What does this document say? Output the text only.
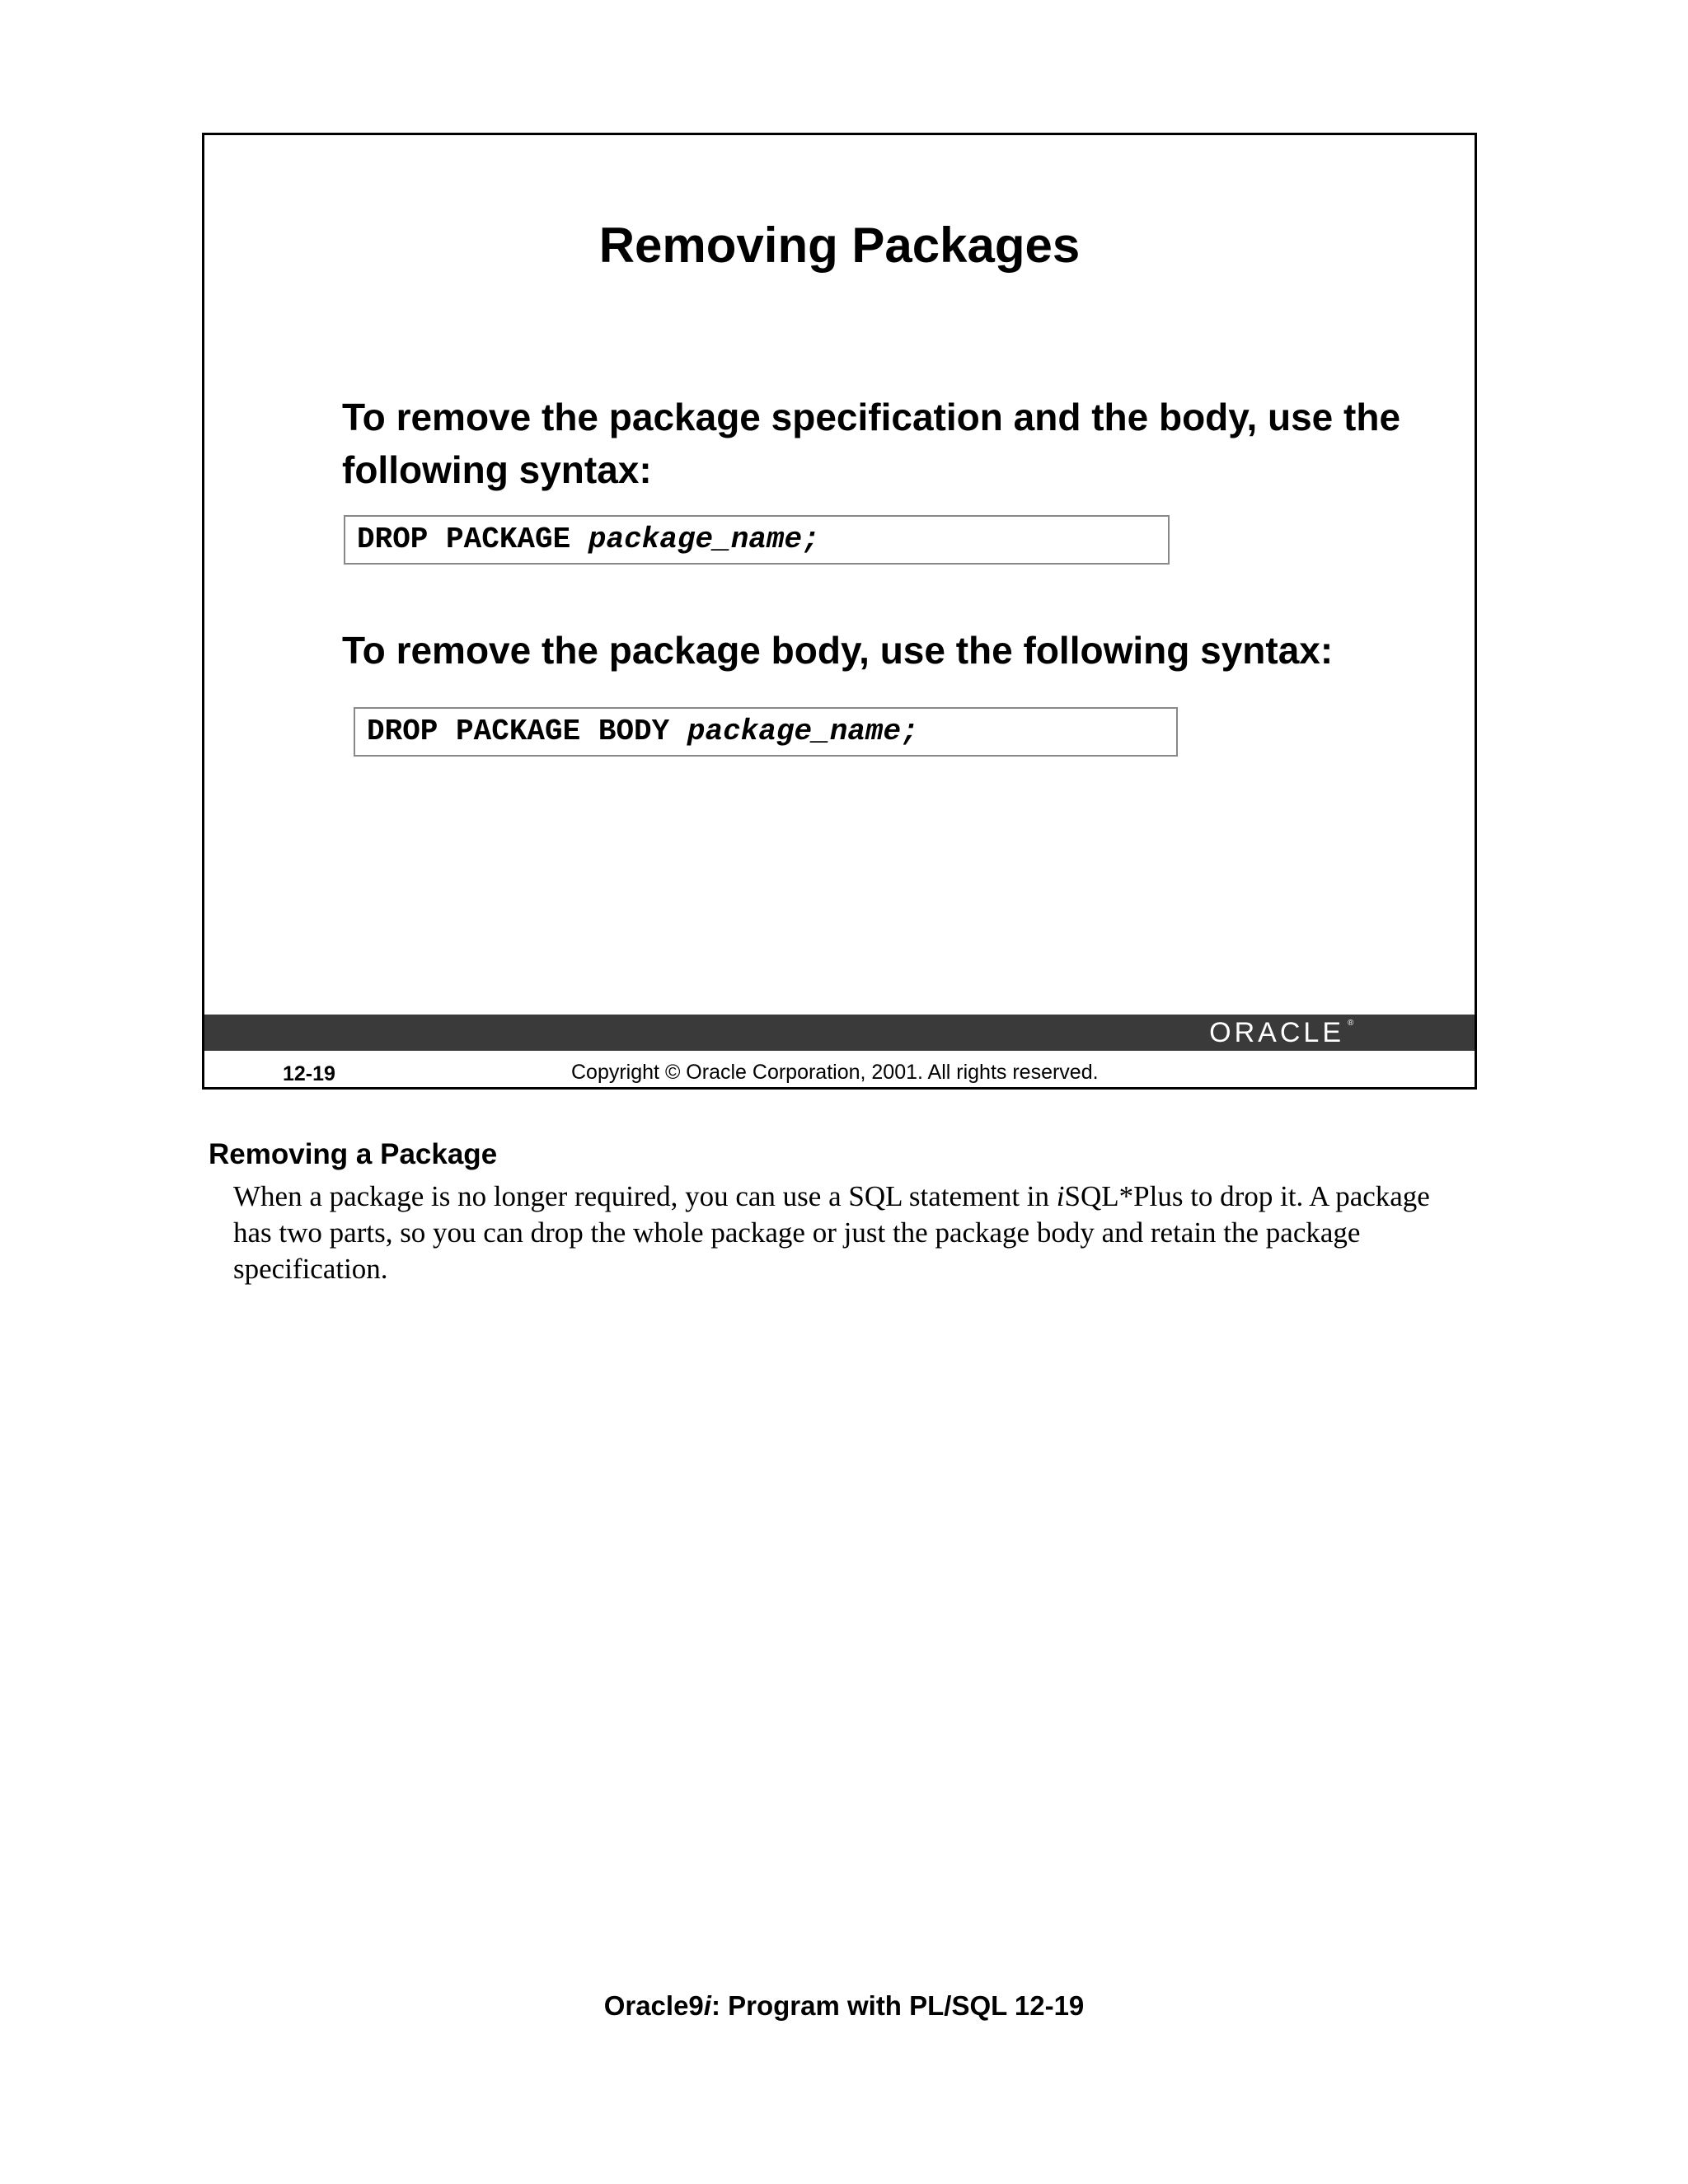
Removing Packages

To remove the package specification and the body, use the following syntax:

DROP PACKAGE package_name;

To remove the package body, use the following syntax:

DROP PACKAGE BODY package_name;
ORACLE ®

12-19	Copyright © Oracle Corporation, 2001. All rights reserved.

Removing a Package

When a package is no longer required, you can use a SQL statement in iSQL*Plus to drop it. A package has two parts, so you can drop the whole package or just the package body and retain the package specification.

Oracle9i: Program with PL/SQL 12-19
